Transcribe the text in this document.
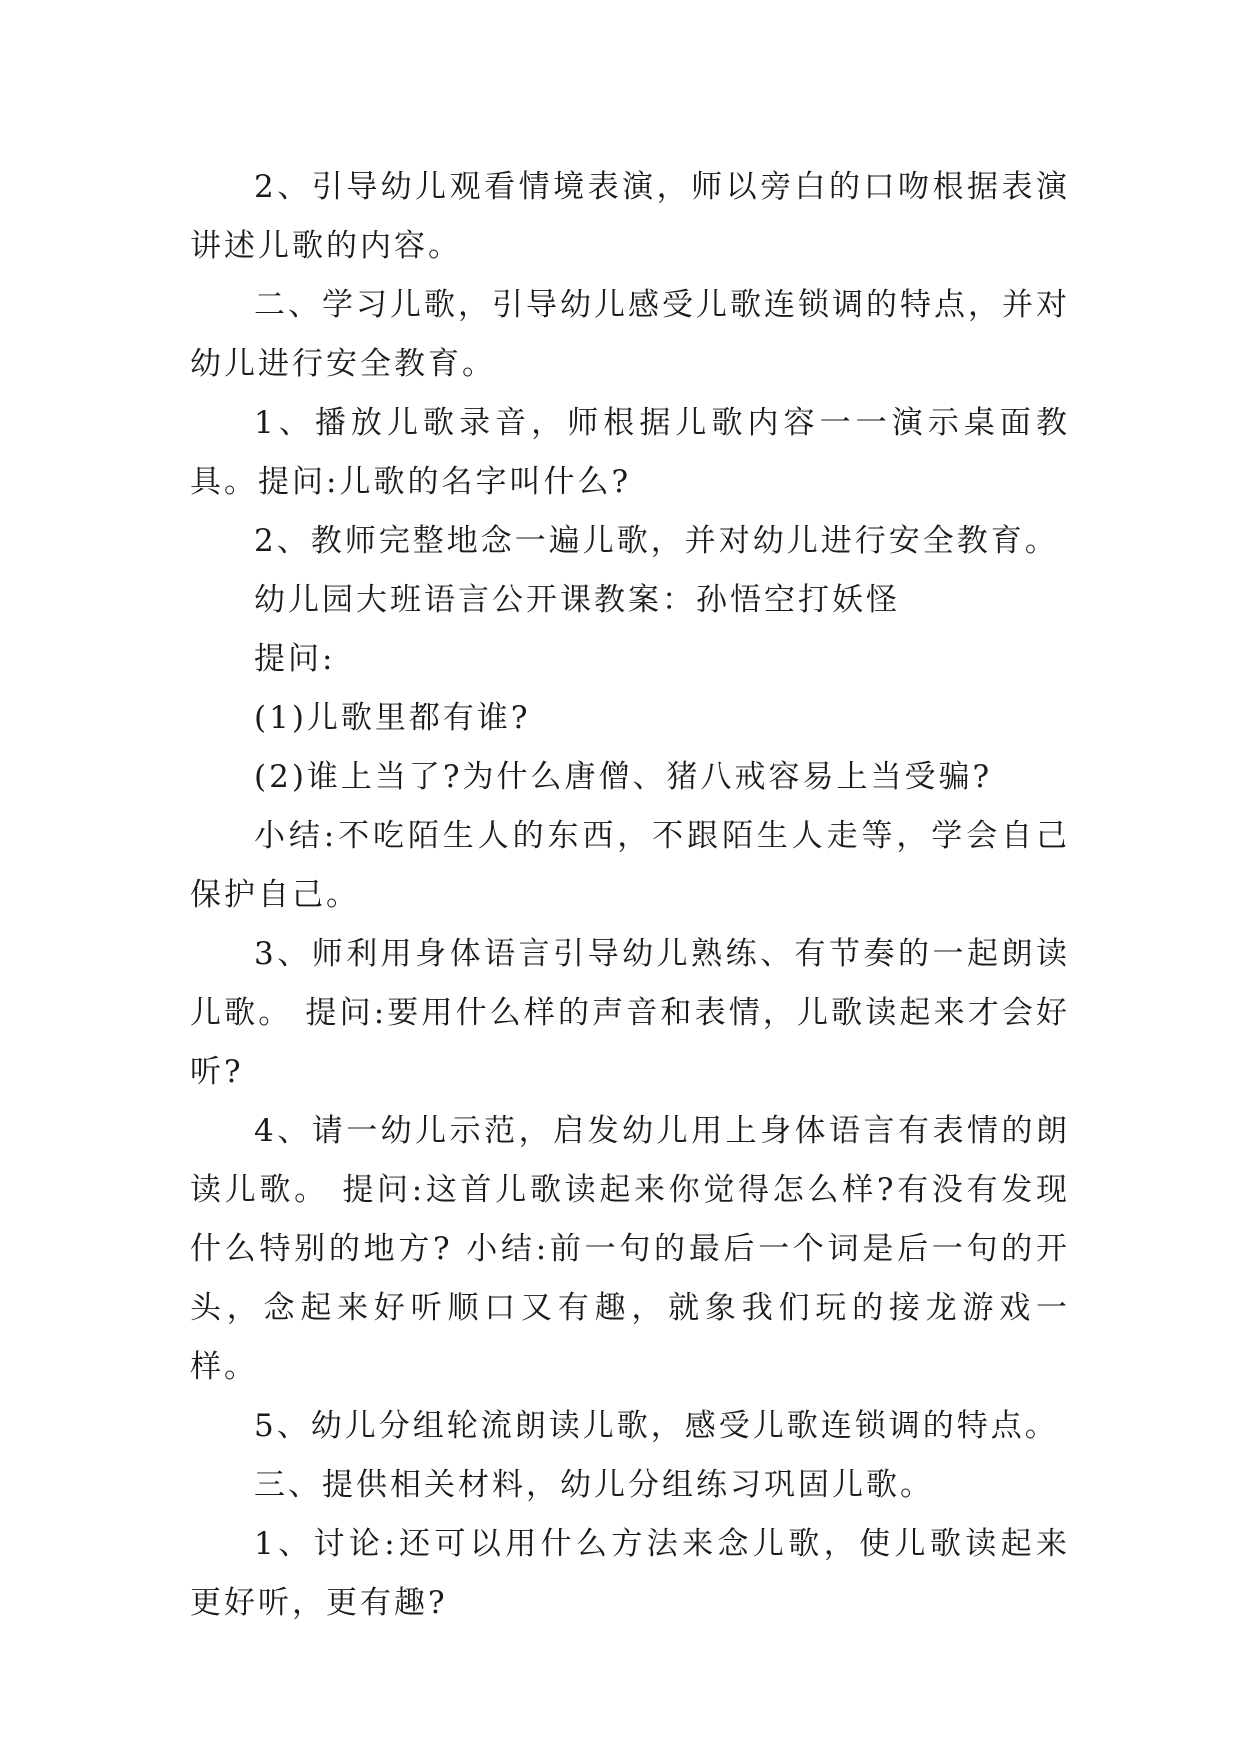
2、引导幼儿观看情境表演，师以旁白的口吻根据表演讲述儿歌的内容。

二、学习儿歌，引导幼儿感受儿歌连锁调的特点，并对幼儿进行安全教育。

1、播放儿歌录音，师根据儿歌内容一一演示桌面教具。提问:儿歌的名字叫什么?

2、教师完整地念一遍儿歌，并对幼儿进行安全教育。

幼儿园大班语言公开课教案：孙悟空打妖怪

提问:

(1)儿歌里都有谁?

(2)谁上当了?为什么唐僧、猪八戒容易上当受骗?

小结:不吃陌生人的东西，不跟陌生人走等，学会自己保护自己。

3、师利用身体语言引导幼儿熟练、有节奏的一起朗读儿歌。 提问:要用什么样的声音和表情，儿歌读起来才会好听?

4、请一幼儿示范，启发幼儿用上身体语言有表情的朗读儿歌。 提问:这首儿歌读起来你觉得怎么样?有没有发现什么特别的地方? 小结:前一句的最后一个词是后一句的开头，念起来好听顺口又有趣，就象我们玩的接龙游戏一样。

5、幼儿分组轮流朗读儿歌，感受儿歌连锁调的特点。

三、提供相关材料，幼儿分组练习巩固儿歌。

1、讨论:还可以用什么方法来念儿歌，使儿歌读起来更好听，更有趣?
